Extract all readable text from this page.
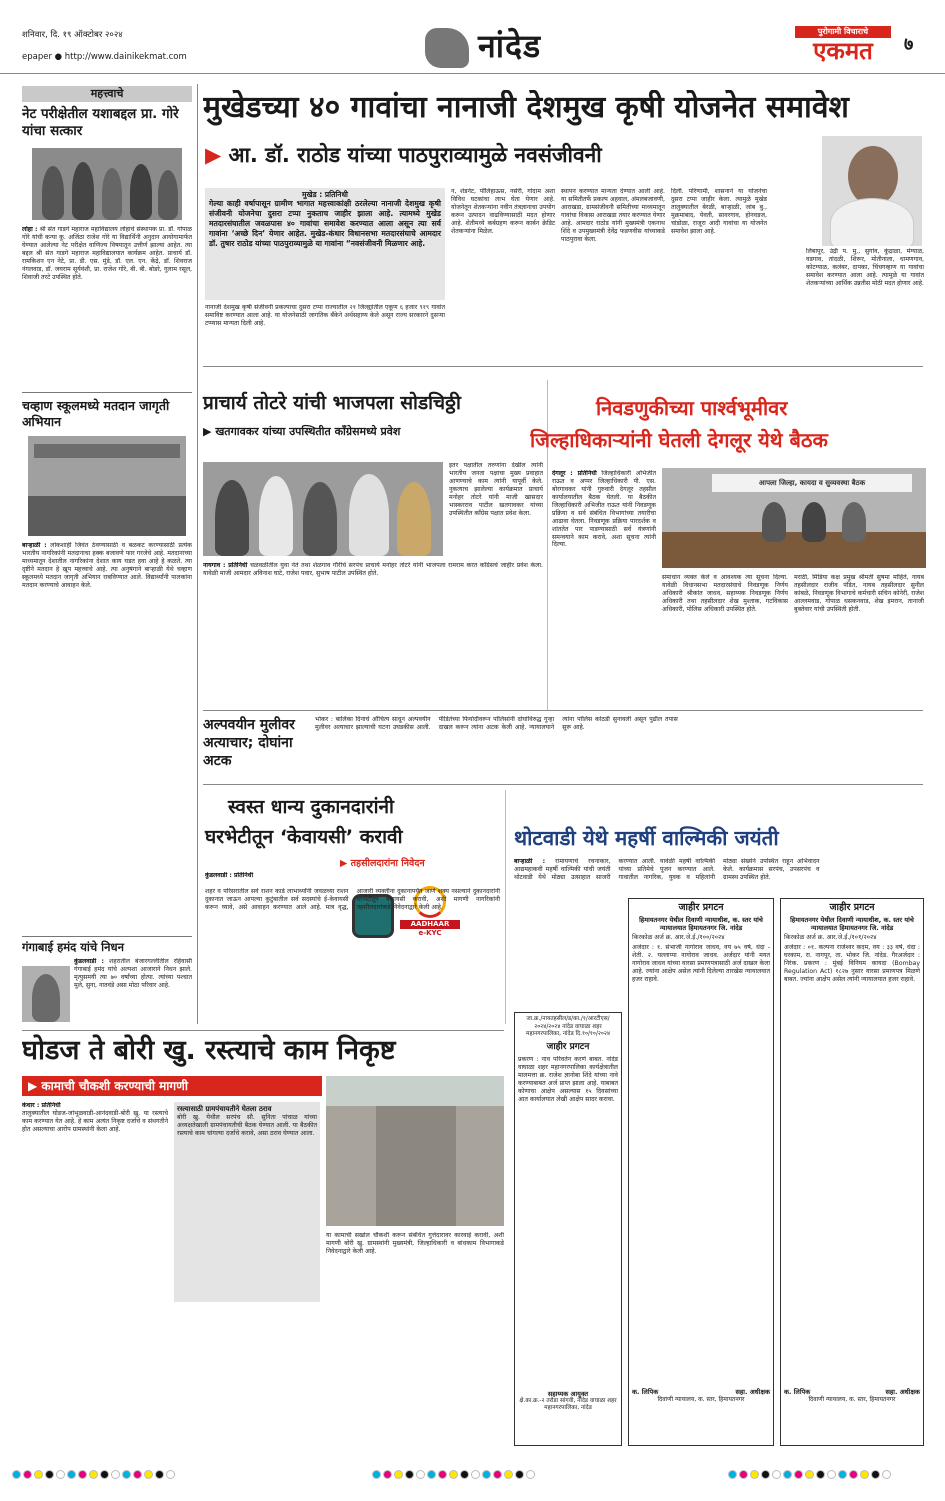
शनिवार, दि. १९ ऑक्टोबर २०२४
epaper ● http://www.dainikekmat.com	नांदेड	पुरोगामी विचाराचे
एकमत	७
महत्त्वाचे
नेट परीक्षेतील यशाबद्दल प्रा. गोरे यांचा सत्कार
लोहा : श्री संत गाडगे महाराज महाविद्यालय लोहाचे संस्थापक प्रा. डॉ. गोपाळ गोरे यांची कन्या कु. अजिंठा राजेश गोरे या विद्यार्थिनी अनुदान आयोगामार्फत घेण्यात आलेल्या नेट परीक्षेत वाणिज्य विषयातून उत्तीर्ण झाल्या आहेत. त्या बद्दल श्री संत गाडगे महाराज महाविद्यालयात कार्यक्रम आहेत. प्राचार्य डॉ. रामकिशन एन नेटे, प्रा. डी. एस. मुंडे, डॉ. एल. एन. केंद्रे, डॉ. शिवराज नंगलवाड, डॉ. जयराम सूर्यवंशी, प्रा. राजेश गोरे, बी. बी. बोडरे, गुलाम रसूल, शिवाजी तरटे उपस्थित होते.
चव्हाण स्कूलमध्ये मतदान जागृती अभियान
बाऱ्हाळी : लोकशाही जिवंत ठेवण्यासाठी व बळकट करण्यासाठी प्रत्येक भारतीय नागरिकांनी मतदानाचा हक्क बजावणे फार गरजेचे आहे. मतदानाच्या माध्यमातून देशातील नागरिकांना देशात काय घडत हवा आहे हे कळते. त्या दृष्टीने मतदान हे खूप महत्त्वाचे आहे. त्या अनुषंगाने बाऱ्हाळी येथे चव्हाण स्कूलमध्ये मतदान जागृती अभियान राबविण्यात आले. विद्यार्थ्यांनी पालकांना मतदान करण्याचे आवाहन केले.
गंगाबाई हमंद यांचे निधन
कुंडलवाडी : शहरातील बंजारगल्लीतील रहिवासी गंगाबाई हमंद यांचे अल्पशा आजाराने निधन झाले. मृत्युसमयी त्या ७० वर्षांच्या होत्या. त्यांच्या पश्चात मुले, सुना, नातवंडे असा मोठा परिवार आहे.
मुखेडच्या ४० गावांचा नानाजी देशमुख कृषी योजनेत समावेश
▶ आ. डॉ. राठोड यांच्या पाठपुराव्यामुळे नवसंजीवनी
मुखेड : प्रतिनिधी
गेल्या काही वर्षापासून ग्रामीण भागात महत्त्वाकांक्षी ठरलेल्या नानाजी देशमुख कृषी संजीवनी योजनेचा दुसरा टप्पा नुकताच जाहीर झाला आहे. त्यामध्ये मुखेड मतदारसंघातील जवळपास ४० गावांचा समावेश करण्यात आला असून त्या सर्व गावांना ‘अच्छे दिन’ येणार आहेत. मुखेड-कंधार विधानसभा मतदारसंघाचे आमदार डॉ. तुषार राठोड यांच्या पाठपुराव्यामुळे या गावांना “नवसंजीवनी मिळणार आहे.
नानाजी देशमुख कृषी संजीवनी प्रकल्पाचा दुसरा टप्पा राज्यातील २१ जिल्ह्यांतील एकूण ६ हजार ९१९ गावांत समाविष्ट करण्यात आला आहे. या योजनेसाठी जागतिक बँकेने अर्थसहाय्य केले असून राज्य सरकारने दुसऱ्या टप्प्यास मान्यता दिली आहे.
न, शेडनेट, पॉलिहाऊस, नर्सरी, गोदाम अशा विविध घटकांचा लाभ घेता येणार आहे. योजनेतून शेतकऱ्यांना नवीन तंत्रज्ञानाचा उपयोग करून उत्पादन वाढविण्यासाठी मदत होणार आहे. शेतीमध्ये कर्बग्रहण करून कार्बन क्रेडिट शेतकऱ्यांना मिळेल.
स्थापन करण्यात मान्यता देण्यात आली आहे. या समितीतर्फे प्रकल्प अहवाल, अंमलबजावणी, आराखडा, ग्रामसंजीवनी समितीच्या माध्यमातून गावांचा विकास आराखडा तयार करण्यात येणार आहे. आमदार राठोड यांनी मुख्यमंत्री एकनाथ शिंदे व उपमुख्यमंत्री देवेंद्र फडणवीस यांच्याकडे पाठपुरावा केला.
दिली. परिणामी, शासनाने या योजनेचा दुसरा टप्पा जाहीर केला. त्यामुळे मुखेड तालुक्यातील बेरळी, बाऱ्हाळी, जांब बु., मुक्रमाबाद, येवती, सावरगाव, होनवडज, चांडोळा, राजूरा आदी गावांचा या योजनेत समावेश झाला आहे.
लिंबापूर, उंद्री प. मु., सुगांव, कुंद्राळा, मंग्याळ, वडगाव, तांदळी, शिरूर, मोतीनाला, धामणगाव, कोटग्याळ, कलंबर, दापका, चिंचगव्हाण या गावांचा समावेश करण्यात आला आहे. त्यामुळे या गावांत शेतकऱ्यांच्या आर्थिक उन्नतीस मोठी मदत होणार आहे.
प्राचार्य तोटरे यांची भाजपला सोडचिठ्ठी
▶ खतगावकर यांच्या उपस्थितीत काँग्रेसमध्ये प्रवेश
इतर पक्षातील तरुणांना देखील त्यांनी भारतीय जनता पक्षाचा मुख्य प्रवाहात आणण्याचे काम त्यांनी यापूर्वी केले. नुकत्याच झालेल्या कार्यक्रमात प्राचार्य मनोहर तोटरे यांनी माजी खासदार भास्करराव पाटील खतगावकर यांच्या उपस्थितीत काँग्रेस पक्षात प्रवेश केला.
नायगाव : प्रतिनिधी चळवळीतील युवा नेते तथा शेळगाव गौरीचे सरपंच प्राचार्य मनोहर तोटरे यांनी भाजपला रामराम करत काँग्रेसचे जाहीर प्रवेश केला. यावेळी माजी आमदार अविनाश घाटे, राजेश पवार, सुभाष पाटील उपस्थित होते.
निवडणुकीच्या पार्श्वभूमीवर
जिल्हाधिकाऱ्यांनी घेतली देगलूर येथे बैठक
देगलूर : प्रतिनिधी जिल्हाधिकारी अभिजीत राऊत व अप्पर जिल्हाधिकारी पी. एस. बोरगावकर यांनी गुरुवारी देगलूर तहसील कार्यालयातील बैठक घेतली. या बैठकीत जिल्हाधिकारी अभिजीत राऊत यांनी निवडणूक प्रक्रिया व सर्व संबंधित विभागांच्या तयारीचा आढावा घेतला. निवडणूक प्रक्रिया पारदर्शक व शांततेत पार पाडण्यासाठी सर्व यंत्रणांनी समन्वयाने काम करावे, अशा सूचना त्यांनी दिल्या.
आपला जिल्हा, कायदा व सुव्यवस्था बैठक
समाधान व्यक्त केले व आवश्यक त्या सूचना दिल्या. यावेळी विधानसभा मतदारसंघाचे निवडणूक निर्णय अधिकारी श्रीकांत जाधव, सहाय्यक निवडणूक निर्णय अधिकारी तथा तहसीलदार शेख मुश्ताक, गटविकास अधिकारी, पोलिस अधिकारी उपस्थित होते.
मराठी, मिडिया कक्ष प्रमुख श्रीमती सुषमा मोहिते, नायब तहसीलदार राजीव पंडित, नायब तहसीलदार सुनील कांबळे, निवडणूक विभागाचे कर्मचारी सचिन कोनेरी, राजेश आल्लमवाड, गोपाळ धसकनवाड, शेख इमरान, तानाजी बुक्तेवार यांची उपस्थिती होती.
अल्पवयीन मुलीवर अत्याचार; दोघांना अटक
भोकर : बालिका दिनाचे औचित्य साधून अल्पवयीन मुलीवर अत्याचार झाल्याची घटना उघडकीस आली. पीडितेच्या फिर्यादीवरून पोलिसांनी दोघांविरुद्ध गुन्हा दाखल करून त्यांना अटक केली आहे. न्यायालयाने त्यांना पोलिस कोठडी सुनावली असून पुढील तपास सुरू आहे.
स्वस्त धान्य दुकानदारांनी
घरभेटीतून ‘केवायसी’ करावी
▶ तहसीलदारांना निवेदन
AADHAAR
e-KYC
कुंडलवाडी : प्रतिनिधी
शहर व परिसरातील सर्व राशन कार्ड लाभार्थ्यांनी जवळच्या राशन दुकानात जाऊन आपल्या कुटुंबातील सर्व सदस्यांचे ई-केवायसी करून घ्यावे, असे आवाहन करण्यात आले आहे. मात्र वृद्ध, आजारी व्यक्तींना दुकानापर्यंत जाणे शक्य नसल्याने दुकानदारांनी घरभेटीतून केवायसी करावी, अशी मागणी नागरिकांनी तहसीलदारांकडे निवेदनाद्वारे केली आहे.
थोटवाडी येथे महर्षी वाल्मिकी जयंती
बाऱ्हाळी : रामायणाचे रचनाकार, आद्यमहाकवी महर्षी वाल्मिकी यांची जयंती थोटवाडी येथे मोठ्या उत्साहात साजरी करण्यात आली. यावेळी महर्षी वाल्मिकी यांच्या प्रतिमेचे पूजन करण्यात आले. गावातील नागरिक, युवक व महिलांनी मोठ्या संख्येने उपस्थित राहून अभिवादन केले. कार्यक्रमास सरपंच, उपसरपंच व ग्रामस्थ उपस्थित होते.
जा.क्र./नायतहसील/ड/का./१/आरटीएस/२०२४/२०२४ नांदेड वाघाळा शहर महानगरपालिका, नांदेड दि.१०/१०/२०२४
जाहीर प्रगटन
प्रकरण : नाव परिवर्तन करणे बाबत. नांदेड वाघाळा शहर महानगरपालिका कार्यक्षेत्रातील मालमत्ता क्र. राजेश ज्ञानोबा शिंदे यांच्या नावे करण्याबाबत अर्ज प्राप्त झाला आहे. याबाबत कोणाचा आक्षेप असल्यास १५ दिवसांच्या आत कार्यालयात लेखी आक्षेप सादर करावा.
सहाय्यक आयुक्त
क्षे.का.क्र.-२ तरोडा सांगवी, नांदेड वाघाळा शहर महानगरपालिका, नांदेड
जाहीर प्रगटन
हिमायतनगर येथील दिवाणी न्यायाधीश, क. स्तर यांचे न्यायालयात हिमायतनगर जि. नांदेड
किरकोळ अर्ज क्र. आर.जे.ई./१००/२०२४
अर्जदार : १. संभाजी नागोराव जाधव, वय ७५ वर्ष, धंदा - शेती. २. यल्लाप्पा नागोराव जाधव. अर्जदार यांनी मयत नागोराव जाधव यांच्या वारसा प्रमाणपत्रासाठी अर्ज दाखल केला आहे. ज्यांना आक्षेप असेल त्यांनी दिलेल्या तारखेस न्यायालयात हजर राहावे.
क. लिपिक	सहा. अधीक्षक
दिवाणी न्यायालय, क. स्तर, हिमायतनगर
जाहीर प्रगटन
हिमायतनगर येथील दिवाणी न्यायाधीश, क. स्तर यांचे न्यायालयात हिमायतनगर जि. नांदेड
किरकोळ अर्ज क्र. आर.जे.ई./१०१/२०२४
अर्जदार : ०१. कल्पना राजेश्वर कदम, वय : ३३ वर्षे, धंदा : घरकाम, रा. नागपूर, ता. भोकर जि. नांदेड. गैरअर्जदार : निरंक. प्रकरण : मुंबई विनियम कायदा (Bombay Regulation Act) १८२७ नुसार वारसा प्रमाणपत्र मिळणे बाबत. ज्यांना आक्षेप असेल त्यांनी न्यायालयात हजर राहावे.
क. लिपिक	सहा. अधीक्षक
दिवाणी न्यायालय, क. स्तर, हिमायतनगर
घोडज ते बोरी खु. रस्त्याचे काम निकृष्ट
▶ कामाची चौकशी करण्याची मागणी
कंधार : प्रतिनिधी
तालुक्यातील घोडज-जांभुळवाडी-आनंदवाडी-बोरी खु. या रस्त्याचे काम करण्यात येत आहे. हे काम अत्यंत निकृष्ट दर्जाचे व संथगतीने होत असल्याचा आरोप ग्रामस्थांनी केला आहे.
रस्त्यासाठी ग्रामपंचायतीने घेतला ठराव
बोरी खु. येथील सरपंच सौ. सुनिता पांचाळ यांच्या अध्यक्षतेखाली ग्रामपंचायतीची बैठक घेण्यात आली. या बैठकीत रस्त्याचे काम चांगल्या दर्जाचे करावे, असा ठराव घेण्यात आला.
या कामाची सखोल चौकशी करून संबंधित गुत्तेदारावर कारवाई करावी, अशी मागणी बोरी खु. ग्रामस्थांनी मुख्यमंत्री, जिल्हाधिकारी व बांधकाम विभागाकडे निवेदनाद्वारे केली आहे.
